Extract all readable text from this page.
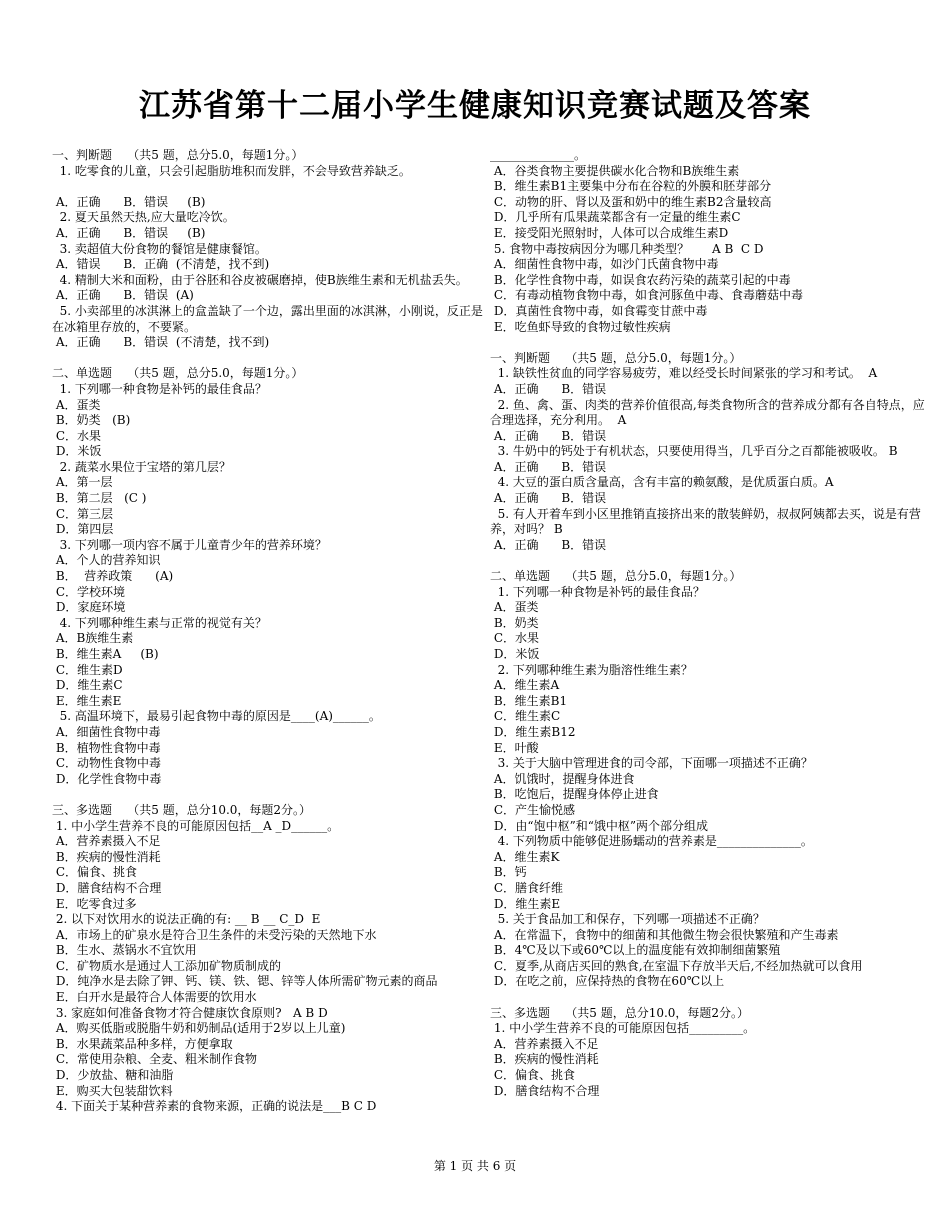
江苏省第十二届小学生健康知识竞赛试题及答案
一、判断题    （共5 题，总分5.0，每题1分。）
1. 吃零食的儿童，只会引起脂肪堆积而发胖，不会导致营养缺乏。
A．正确      B．错误     (B)
2. 夏天虽然天热,应大量吃冷饮。
A．正确      B．错误     (B)
3. 卖超值大份食物的餐馆是健康餐馆。
A．错误      B．正确  (不清楚，找不到)
4. 精制大米和面粉，由于谷胚和谷皮被碾磨掉，使B族维生素和无机盐丢失。
A．正确      B．错误  (A)
5. 小卖部里的冰淇淋上的盒盖缺了一个边，露出里面的冰淇淋，小刚说，反正是在冰箱里存放的，不要紧。
A．正确      B．错误  (不清楚，找不到)
二、单选题    （共5 题，总分5.0，每题1分。）
1. 下列哪一种食物是补钙的最佳食品？
A．蛋类
B．奶类   (B)
C．水果
D．米饭
2. 蔬菜水果位于宝塔的第几层？
A．第一层
B．第二层   (C )
C．第三层
D．第四层
3. 下列哪一项内容不属于儿童青少年的营养环境？
A．个人的营养知识
B．  营养政策      (A)
C．学校环境
D．家庭环境
4. 下列哪种维生素与正常的视觉有关？
A．B族维生素
B．维生素A     (B)
C．维生素D
D．维生素C
E．维生素E
5. 高温环境下，最易引起食物中毒的原因是____(A)______。
A．细菌性食物中毒
B．植物性食物中毒
C．动物性食物中毒
D．化学性食物中毒
三、多选题    （共5 题，总分10.0，每题2分。）
1. 中小学生营养不良的可能原因包括__A _D______。
A．营养素摄入不足
B．疾病的慢性消耗
C．偏食、挑食
D．膳食结构不合理
E．吃零食过多
2. 以下对饮用水的说法正确的有: __ B __ C_D  E
A．市场上的矿泉水是符合卫生条件的未受污染的天然地下水
B．生水、蒸锅水不宜饮用
C．矿物质水是通过人工添加矿物质制成的
D．纯净水是去除了钾、钙、镁、铁、锶、锌等人体所需矿物元素的商品
E．白开水是最符合人体需要的饮用水
3. 家庭如何准备食物才符合健康饮食原则?   A B D
A．购买低脂或脱脂牛奶和奶制品(适用于2岁以上儿童)
B．水果蔬菜品种多样，方便拿取
C．常使用杂粮、全麦、粗米制作食物
D．少放盐、糖和油脂
E．购买大包装甜饮料
4. 下面关于某种营养素的食物来源，正确的说法是___B C D
______________。
A．谷类食物主要提供碳水化合物和B族维生素
B．维生素B1主要集中分布在谷粒的外膜和胚芽部分
C．动物的肝、肾以及蛋和奶中的维生素B2含量较高
D．几乎所有瓜果蔬菜都含有一定量的维生素C
E．接受阳光照射时，人体可以合成维生素D
5. 食物中毒按病因分为哪几种类型？      A B  C D
A．细菌性食物中毒，如沙门氏菌食物中毒
B．化学性食物中毒，如误食农药污染的蔬菜引起的中毒
C．有毒动植物食物中毒，如食河豚鱼中毒、食毒蘑菇中毒
D．真菌性食物中毒，如食霉变甘蔗中毒
E．吃鱼虾导致的食物过敏性疾病
一、判断题    （共5 题，总分5.0，每题1分。）
1. 缺铁性贫血的同学容易疲劳，难以经受长时间紧张的学习和考试。  A
A．正确      B．错误
2. 鱼、禽、蛋、肉类的营养价值很高,每类食物所含的营养成分都有各自特点，应合理选择，充分利用。  A
A．正确      B．错误
3. 牛奶中的钙处于有机状态，只要使用得当，几乎百分之百都能被吸收。 B
A．正确      B．错误
4. 大豆的蛋白质含量高，含有丰富的赖氨酸，是优质蛋白质。A
A．正确      B．错误
5. 有人开着车到小区里推销直接挤出来的散装鲜奶，叔叔阿姨都去买，说是有营养，对吗？ B
A．正确      B．错误
二、单选题    （共5 题，总分5.0，每题1分。）
1. 下列哪一种食物是补钙的最佳食品？
A．蛋类
B．奶类
C．水果
D．米饭
2. 下列哪种维生素为脂溶性维生素？
A．维生素A
B．维生素B1
C．维生素C
D．维生素B12
E．叶酸
3. 关于大脑中管理进食的司令部，下面哪一项描述不正确？
A．饥饿时，提醒身体进食
B．吃饱后，提醒身体停止进食
C．产生愉悦感
D．由“饱中枢”和“饿中枢”两个部分组成
4. 下列物质中能够促进肠蠕动的营养素是______________。
A．维生素K
B．钙
C．膳食纤维
D．维生素E
5. 关于食品加工和保存，下列哪一项描述不正确？
A．在常温下，食物中的细菌和其他微生物会很快繁殖和产生毒素
B．4℃及以下或60℃以上的温度能有效抑制细菌繁殖
C．夏季,从商店买回的熟食,在室温下存放半天后,不经加热就可以食用
D．在吃之前，应保持热的食物在60℃以上
三、多选题    （共5 题，总分10.0，每题2分。）
1. 中小学生营养不良的可能原因包括_________。
A．营养素摄入不足
B．疾病的慢性消耗
C．偏食、挑食
D．膳食结构不合理
第 1 页 共 6 页
